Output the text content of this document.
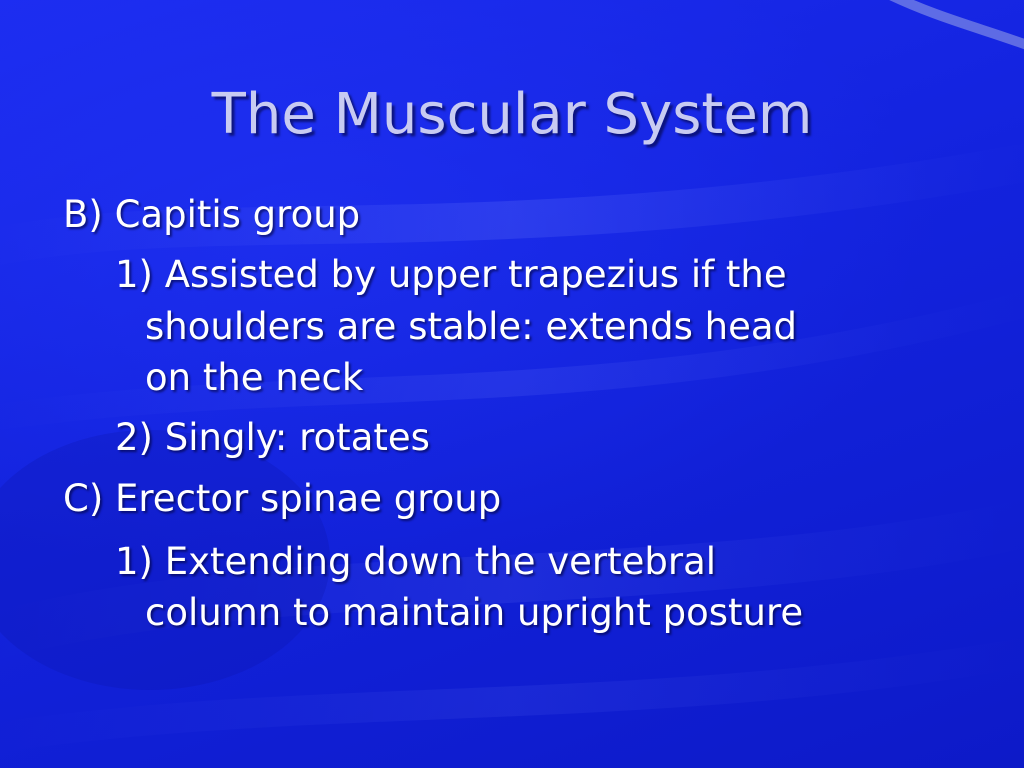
The Muscular System
B) Capitis group
1) Assisted by upper trapezius if the
shoulders are stable: extends head
on the neck
2) Singly: rotates
C) Erector spinae group
1) Extending down the vertebral
column to maintain upright posture
